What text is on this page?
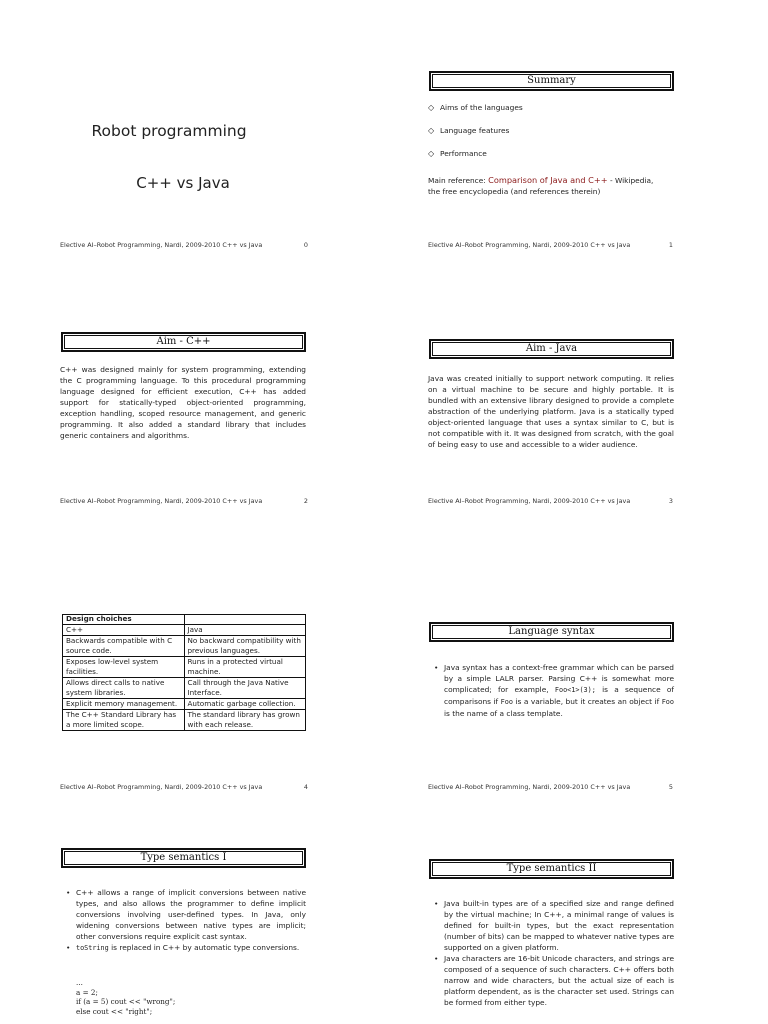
Robot programming
C++ vs Java
Elective AI–Robot Programming, Nardi, 2009-2010 C++ vs Java	0
Summary
◇ Aims of the languages
◇ Language features
◇ Performance
Main reference: Comparison of Java and C++ - Wikipedia,
the free encyclopedia (and references therein)
Elective AI–Robot Programming, Nardi, 2009-2010 C++ vs Java	1
Aim - C++
C++ was designed mainly for system programming, extending the C programming language. To this procedural programming language designed for efficient execution, C++ has added support for statically-typed object-oriented programming, exception handling, scoped resource management, and generic programming. It also added a standard library that includes generic containers and algorithms.
Elective AI–Robot Programming, Nardi, 2009-2010 C++ vs Java	2
Aim - Java
Java was created initially to support network computing. It relies on a virtual machine to be secure and highly portable. It is bundled with an extensive library designed to provide a complete abstraction of the underlying platform. Java is a statically typed object-oriented language that uses a syntax similar to C, but is not compatible with it. It was designed from scratch, with the goal of being easy to use and accessible to a wider audience.
Elective AI–Robot Programming, Nardi, 2009-2010 C++ vs Java	3
Design choiches	
C++	Java
Backwards compatible with C source code.	No backward compatibility with previous languages.
Exposes low-level system facilities.	Runs in a protected virtual machine.
Allows direct calls to native system libraries.	Call through the Java Native Interface.
Explicit memory management.	Automatic garbage collection.
The C++ Standard Library has a more limited scope.	The standard library has grown with each release.
Elective AI–Robot Programming, Nardi, 2009-2010 C++ vs Java	4
Language syntax
• Java syntax has a context-free grammar which can be parsed by a simple LALR parser. Parsing C++ is somewhat more complicated; for example, Foo<1>(3); is a sequence of comparisons if Foo is a variable, but it creates an object if Foo is the name of a class template.
Elective AI–Robot Programming, Nardi, 2009-2010 C++ vs Java	5
Type semantics I
• C++ allows a range of implicit conversions between native types, and also allows the programmer to define implicit conversions involving user-defined types. In Java, only widening conversions between native types are implicit; other conversions require explicit cast syntax.
• toString is replaced in C++ by automatic type conversions.
...
a = 2;
if (a = 5) cout << "wrong";
else cout << "right";
Type semantics II
• Java built-in types are of a specified size and range defined by the virtual machine; In C++, a minimal range of values is defined for built-in types, but the exact representation (number of bits) can be mapped to whatever native types are supported on a given platform.
• Java characters are 16-bit Unicode characters, and strings are composed of a sequence of such characters. C++ offers both narrow and wide characters, but the actual size of each is platform dependent, as is the character set used. Strings can be formed from either type.
